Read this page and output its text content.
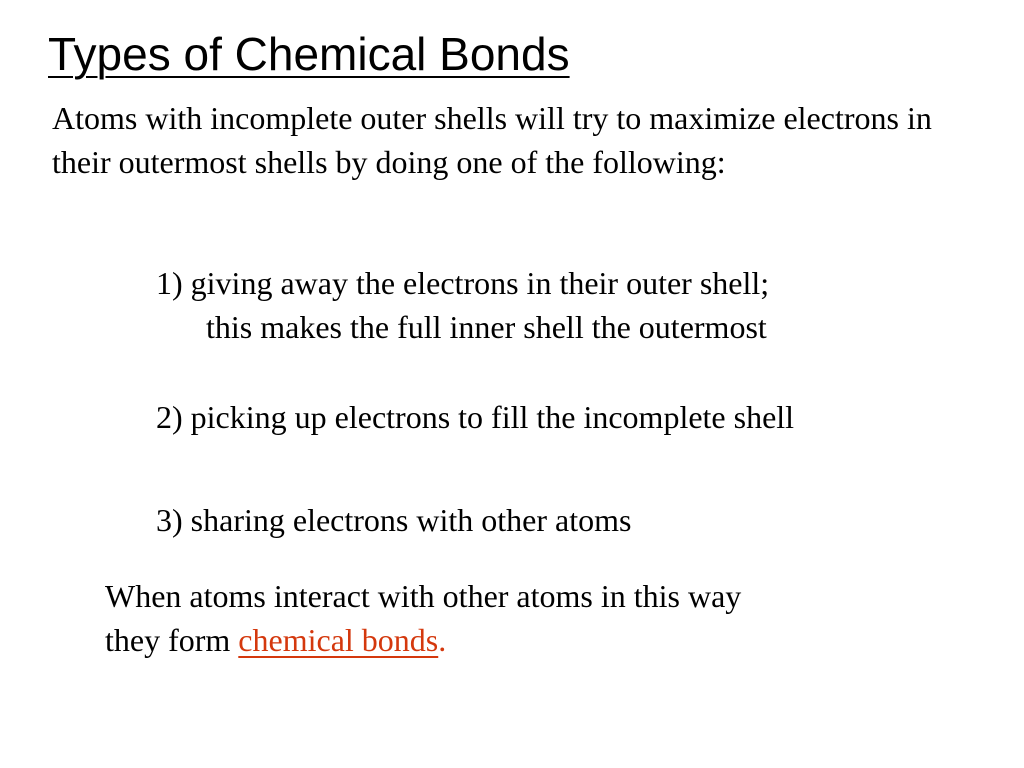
Types of Chemical Bonds
Atoms with incomplete outer shells will try to maximize electrons in their outermost shells by doing one of the following:
1) giving away the electrons in their outer shell;
this makes the full inner shell the outermost
2) picking up electrons to fill the incomplete shell
3) sharing electrons with other atoms
When atoms interact with other atoms in this way
they form chemical bonds.
